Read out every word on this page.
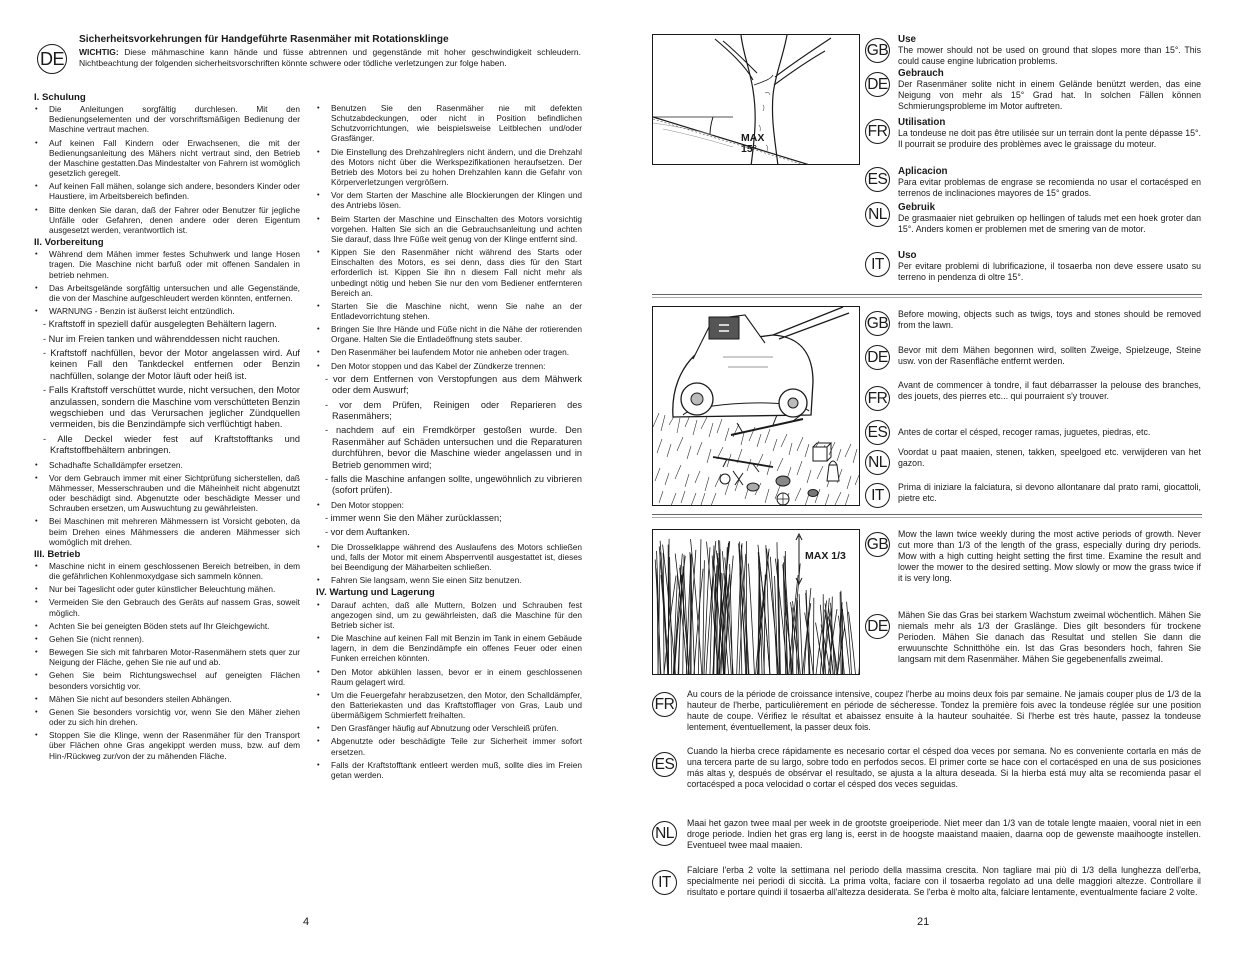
DE
Sicherheitsvorkehrungen für Handgeführte Rasenmäher mit Rotationsklinge
WICHTIG: Diese mähmaschine kann hände und füsse abtrennen und gegenstände mit hoher geschwindigkeit schleudern. Nichtbeachtung der folgenden sicherheitsvorschriften könnte schwere oder tödliche verletzungen zur folge haben.
I. Schulung
• Die Anleitungen sorgfältig durchlesen. Mit den Bedienungselementen und der vorschriftsmäßigen Bedienung der Maschine vertraut machen.
• Auf keinen Fall Kindern oder Erwachsenen, die mit der Bedienungsanleitung des Mähers nicht vertraut sind, den Betrieb der Maschine gestatten.Das Mindestalter von Fahrern ist womöglich gesetzlich geregelt.
• Auf keinen Fall mähen, solange sich andere, besonders Kinder oder Haustiere, im Arbeitsbereich befinden.
• Bitte denken Sie daran, daß der Fahrer oder Benutzer für jegliche Unfälle oder Gefahren, denen andere oder deren Eigentum ausgesetzt werden, verantwortlich ist.
II. Vorbereitung
• Während dem Mähen immer festes Schuhwerk und lange Hosen tragen. Die Maschine nicht barfuß oder mit offenen Sandalen in betrieb nehmen.
• Das Arbeitsgelände sorgfältig untersuchen und alle Gegenstände, die von der Maschine aufgeschleudert werden könnten, entfernen.
• WARNUNG - Benzin ist äußerst leicht entzündlich.
- Kraftstoff in speziell dafür ausgelegten Behältern lagern.
- Nur im Freien tanken und währenddessen nicht rauchen.
- Kraftstoff nachfüllen, bevor der Motor angelassen wird. Auf keinen Fall den Tankdeckel entfernen oder Benzin nachfüllen, solange der Motor läuft oder heiß ist.
- Falls Kraftstoff verschüttet wurde, nicht versuchen, den Motor anzulassen, sondern die Maschine vom verschütteten Benzin wegschieben und das Verursachen jeglicher Zündquellen vermeiden, bis die Benzindämpfe sich verflüchtigt haben.
- Alle Deckel wieder fest auf Kraftstofftanks und Kraftstoffbehältern anbringen.
• Schadhafte Schalldämpfer ersetzen.
• Vor dem Gebrauch immer mit einer Sichtprüfung sicherstellen, daß Mähmesser, Messerschrauben und die Mäheinheit nicht abgenutzt oder beschädigt sind. Abgenutzte oder beschädigte Messer und Schrauben ersetzen, um Auswuchtung zu gewährleisten.
• Bei Maschinen mit mehreren Mähmessern ist Vorsicht geboten, da beim Drehen eines Mähmessers die anderen Mähmesser sich womöglich mit drehen.
III. Betrieb
• Maschine nicht in einem geschlossenen Bereich betreiben, in dem die gefährlichen Kohlenmoxydgase sich sammeln können.
• Nur bei Tageslicht oder guter künstlicher Beleuchtung mähen.
• Vermeiden Sie den Gebrauch des Geräts auf nassem Gras, soweit möglich.
• Achten Sie bei geneigten Böden stets auf Ihr Gleichgewicht.
• Gehen Sie (nicht rennen).
• Bewegen Sie sich mit fahrbaren Motor-Rasenmähern stets quer zur Neigung der Fläche, gehen Sie nie auf und ab.
• Gehen Sie beim Richtungswechsel auf geneigten Flächen besonders vorsichtig vor.
• Mähen Sie nicht auf besonders steilen Abhängen.
• Genen Sie besonders vorsichtig vor, wenn Sie den Mäher ziehen oder zu sich hin drehen.
• Stoppen Sie die Klinge, wenn der Rasenmäher für den Transport über Flächen ohne Gras angekippt werden muss, bzw. auf dem Hin-/Rückweg zur/von der zu mähenden Fläche.
• Benutzen Sie den Rasenmäher nie mit defekten Schutzabdeckungen, oder nicht in Position befindlichen Schutzvorrichtungen, wie beispielsweise Leitblechen und/oder Grasfänger.
• Die Einstellung des Drehzahlreglers nicht ändern, und die Drehzahl des Motors nicht über die Werkspezifikationen heraufsetzen. Der Betrieb des Motors bei zu hohen Drehzahlen kann die Gefahr von Körperverletzungen vergrößern.
• Vor dem Starten der Maschine alle Blockierungen der Klingen und des Antriebs lösen.
• Beim Starten der Maschine und Einschalten des Motors vorsichtig vorgehen. Halten Sie sich an die Gebrauchsanleitung und achten Sie darauf, dass Ihre Füße weit genug von der Klinge entfernt sind.
• Kippen Sie den Rasenmäher nicht während des Starts oder Einschalten des Motors, es sei denn, dass dies für den Start erforderlich ist. Kippen Sie ihn n diesem Fall nicht mehr als unbedingt nötig und heben Sie nur den vom Bediener entfernteren Bereich an.
• Starten Sie die Maschine nicht, wenn Sie nahe an der Entladevorrichtung stehen.
• Bringen Sie Ihre Hände und Füße nicht in die Nähe der rotierenden Organe. Halten Sie die Entladeöffnung stets sauber.
• Den Rasenmäher bei laufendem Motor nie anheben oder tragen.
• Den Motor stoppen und das Kabel der Zündkerze trennen:
- vor dem Entfernen von Verstopfungen aus dem Mähwerk oder dem Auswurf;
- vor dem Prüfen, Reinigen oder Reparieren des Rasenmähers;
- nachdem auf ein Fremdkörper gestoßen wurde. Den Rasenmäher auf Schäden untersuchen und die Reparaturen durchführen, bevor die Maschine wieder angelassen und in Betrieb genommen wird;
- falls die Maschine anfangen sollte, ungewöhnlich zu vibrieren (sofort prüfen).
• Den Motor stoppen:
- immer wenn Sie den Mäher zurücklassen;
- vor dem Auftanken.
• Die Drosselklappe während des Auslaufens des Motors schließen und, falls der Motor mit einem Absperrventil ausgestattet ist, dieses bei Beendigung der Mäharbeiten schließen.
• Fahren Sie langsam, wenn Sie einen Sitz benutzen.
IV. Wartung und Lagerung
• Darauf achten, daß alle Muttern, Bolzen und Schrauben fest angezogen sind, um zu gewährleisten, daß die Maschine für den Betrieb sicher ist.
• Die Maschine auf keinen Fall mit Benzin im Tank in einem Gebäude lagern, in dem die Benzindämpfe ein offenes Feuer oder einen Funken erreichen könnten.
• Den Motor abkühlen lassen, bevor er in einem geschlossenen Raum gelagert wird.
• Um die Feuergefahr herabzusetzen, den Motor, den Schalldämpfer, den Batteriekasten und das Kraftstofflager von Gras, Laub und übermäßigem Schmierfett freihalten.
• Den Grasfänger häufig auf Abnutzung oder Verschleiß prüfen.
• Abgenutzte oder beschädigte Teile zur Sicherheit immer sofort ersetzen.
• Falls der Kraftstofftank entleert werden muß, sollte dies im Freien getan werden.
4
MAX
15°
GB
Use
The mower should not be used on ground that slopes more than 15°. This could cause engine lubrication problems.
DE
Gebrauch
Der Rasenmäner solite nicht in einem Gelände benützt werden, das eine Neigung von mehr als 15° Grad hat. In solchen Fällen können Schmierungsprobleme im Motor auftreten.
FR
Utilisation
La tondeuse ne doit pas être utilisée sur un terrain dont la pente dépasse 15°. Il pourrait se produire des problèmes avec le graissage du moteur.
ES Aplicacion
Para evitar problemas de engrase se recomienda no usar el cortacésped en terrenos de inclinaciones mayores de 15° grados.
NL	Gebruik
De grasmaaier niet gebruiken op hellingen of taluds met een hoek groter dan 15°. Anders komen er problemen met de smering van de motor.
IT
Uso
Per evitare problemi di lubrificazione, il tosaerba non deve essere usato su terreno in pendenza di oltre 15°.
GB
Before mowing, objects such as twigs, toys and stones should be removed from the lawn.
DE Bevor mit dem Mähen begonnen wird, sollten Zweige, Spielzeuge, Steine usw. von der Rasenfläche entfernt werden.
FR
Avant de commencer à tondre, il faut débarrasser la pelouse des branches, des jouets, des pierres etc... qui pourraient s'y trouver.
ES	Antes de cortar el césped, recoger ramas, juguetes, piedras, etc.
NL
Voordat u paat maaien, stenen, takken, speelgoed etc. verwijderen van het gazon.
IT	Prima di iniziare la falciatura, si devono allontanare dal prato rami, giocattoli, pietre etc.
MAX 1/3
GB
Mow the lawn twice weekly during the most active periods of growth. Never cut more than 1/3 of the length of the grass, especially during dry periods. Mow with a high cutting height setting the first time. Examine the result and lower the mower to the desired setting. Mow slowly or mow the grass twice if it is very long.
DE
Mähen Sie das Gras bei starkem Wachstum zweimal wöchentlich. Mähen Sie niemals mehr als 1/3 der Graslänge. Dies gilt besonders für trockene Perioden. Mähen Sie danach das Resultat und stellen Sie dann die erwuunschte Schnitthöhe ein. Ist das Gras besonders hoch, fahren Sie langsam mit dem Rasenmäher. Mähen Sie gegebenenfalls zweimal.
FR
Au cours de la période de croissance intensive, coupez l'herbe au moins deux fois par semaine. Ne jamais couper plus de 1/3 de la hauteur de l'herbe, particulièrement en période de sécheresse. Tondez la première fois avec la tondeuse réglée sur une position haute de coupe. Vérifiez le résultat et abaissez ensuite à la hauteur souhaitée. Si l'herbe est très haute, passez la tondeuse lentement, éventuellement, la passer deux fois.
ES
Cuando la hierba crece rápidamente es necesario cortar el césped doa veces por semana. No es conveniente cortarla en más de una tercera parte de su largo, sobre todo en perfodos secos. El primer corte se hace con el cortacésped en una de sus posiciones más altas y, después de obsérvar el resultado, se ajusta a la altura deseada. Si la hierba está muy alta se recomienda pasar el cortacésped a poca velocidad o cortar el césped dos veces seguidas.
NL
Maai het gazon twee maal per week in de grootste groeiperiode. Niet meer dan 1/3 van de totale lengte maaien, vooral niet in een droge periode. Indien het gras erg lang is, eerst in de hoogste maaistand maaien, daarna oop de gewenste maaihoogte instellen. Eventueel twee maal maaien.
IT
Falciare l'erba 2 volte la settimana nel periodo della massima crescita. Non tagliare mai più di 1/3 della lunghezza dell'erba, specialmente nei periodi di siccità. La prima volta, faciare con il tosaerba regolato ad una delle maggiori altezze. Controllare il risultato e portare quindi il tosaerba all'altezza desiderata. Se l'erba è molto alta, falciare lentamente, eventualmente faciare 2 volte.
21
